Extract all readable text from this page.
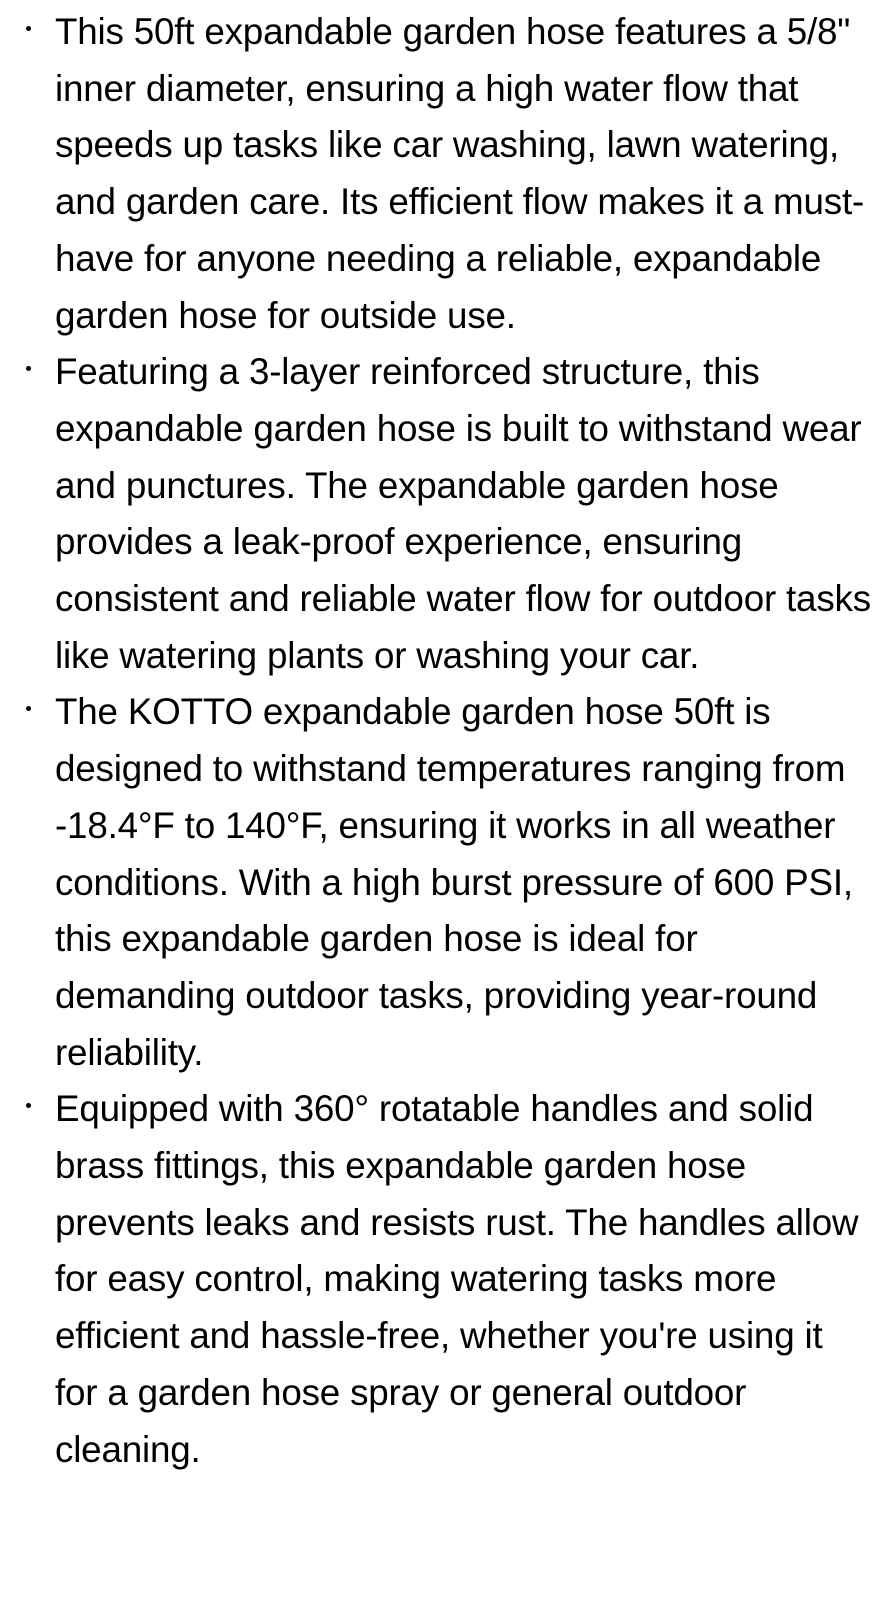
This 50ft expandable garden hose features a 5/8" inner diameter, ensuring a high water flow that speeds up tasks like car washing, lawn watering, and garden care. Its efficient flow makes it a must-have for anyone needing a reliable, expandable garden hose for outside use.
Featuring a 3-layer reinforced structure, this expandable garden hose is built to withstand wear and punctures. The expandable garden hose provides a leak-proof experience, ensuring consistent and reliable water flow for outdoor tasks like watering plants or washing your car.
The KOTTO expandable garden hose 50ft is designed to withstand temperatures ranging from -18.4°F to 140°F, ensuring it works in all weather conditions. With a high burst pressure of 600 PSI, this expandable garden hose is ideal for demanding outdoor tasks, providing year-round reliability.
Equipped with 360° rotatable handles and solid brass fittings, this expandable garden hose prevents leaks and resists rust. The handles allow for easy control, making watering tasks more efficient and hassle-free, whether you're using it for a garden hose spray or general outdoor cleaning.
